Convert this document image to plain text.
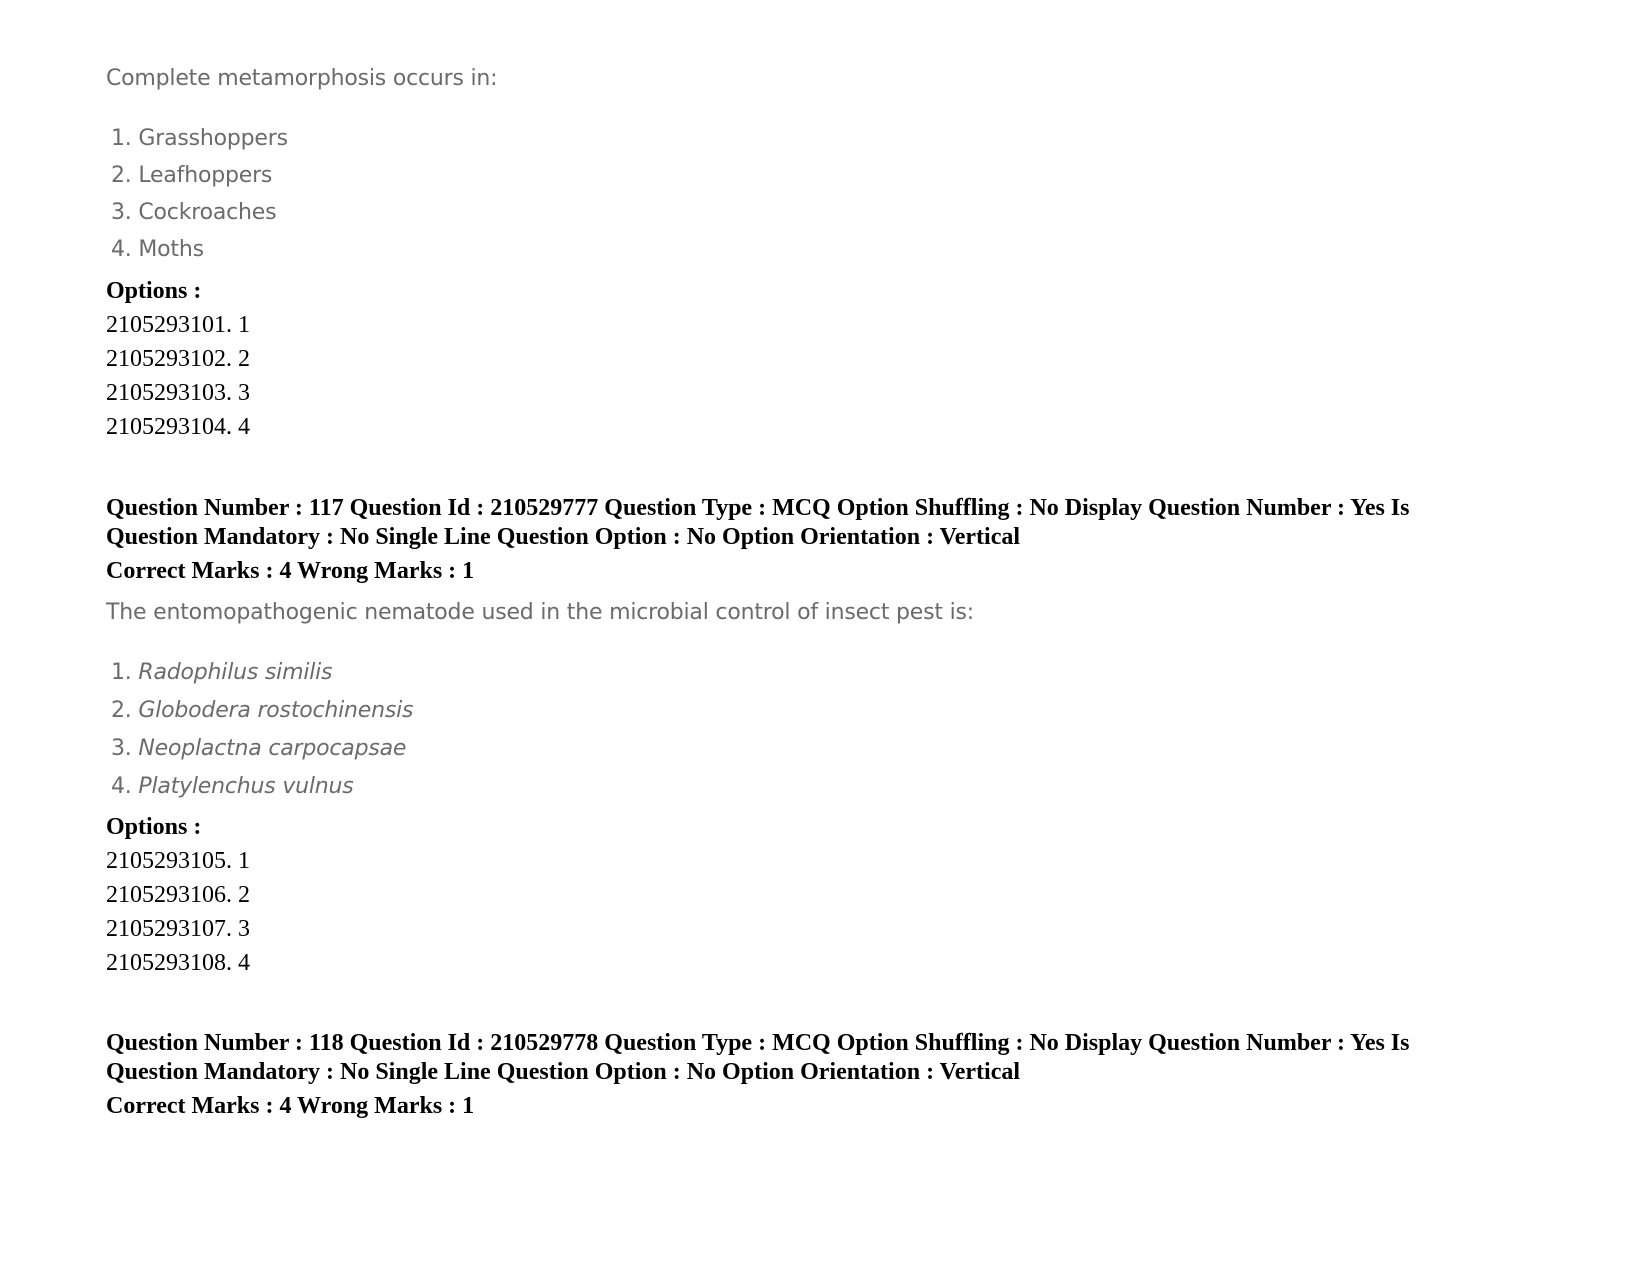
Complete metamorphosis occurs in:
1. Grasshoppers
2. Leafhoppers
3. Cockroaches
4. Moths
Options :
2105293101. 1
2105293102. 2
2105293103. 3
2105293104. 4
Question Number : 117 Question Id : 210529777 Question Type : MCQ Option Shuffling : No Display Question Number : Yes Is
Question Mandatory : No Single Line Question Option : No Option Orientation : Vertical
Correct Marks : 4 Wrong Marks : 1
The entomopathogenic nematode used in the microbial control of insect pest is:
1. Radophilus similis
2. Globodera rostochinensis
3. Neoplactna carpocapsae
4. Platylenchus vulnus
Options :
2105293105. 1
2105293106. 2
2105293107. 3
2105293108. 4
Question Number : 118 Question Id : 210529778 Question Type : MCQ Option Shuffling : No Display Question Number : Yes Is
Question Mandatory : No Single Line Question Option : No Option Orientation : Vertical
Correct Marks : 4 Wrong Marks : 1
